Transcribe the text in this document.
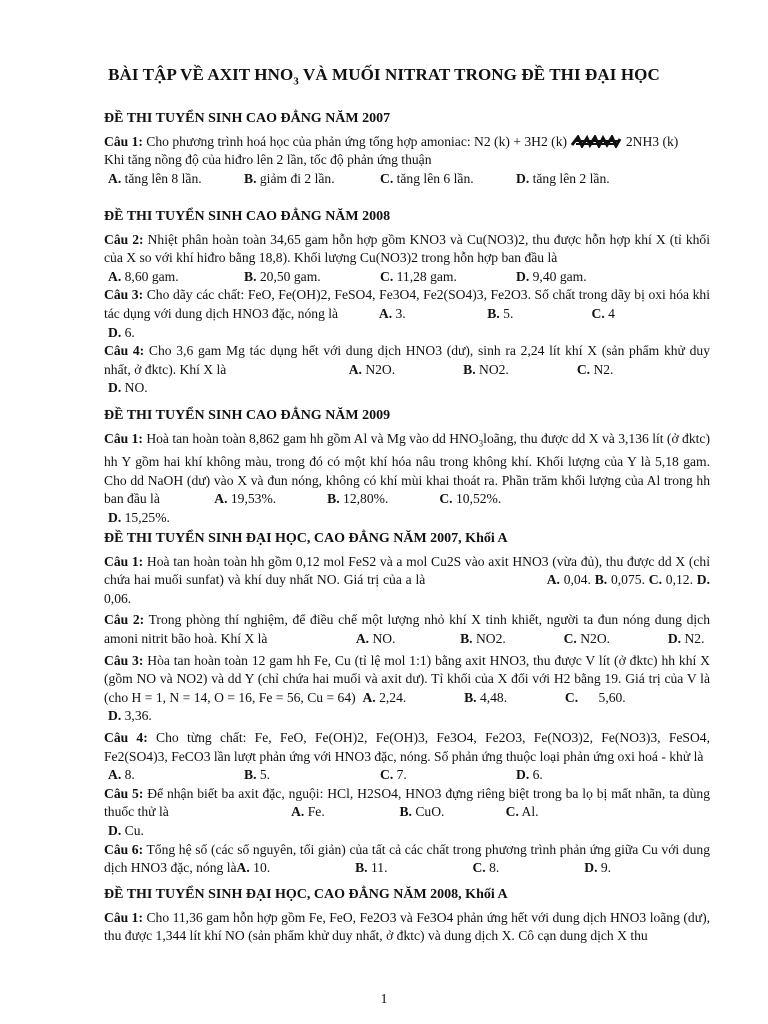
BÀI TẬP VỀ AXIT $HNO_3$ VÀ MUỐI NITRAT TRONG ĐỀ THI ĐẠI HỌC
ĐỀ THI TUYỂN SINH CAO ĐẲNG NĂM 2007
Câu 1: Cho phương trình hoá học của phản ứng tổng hợp amoniac: N2 (k) + 3H2 (k)	2NH3 (k)
Khi tăng nồng độ của hiđro lên 2 lần, tốc độ phản ứng thuận
A. tăng lên 8 lần.	B. giảm đi 2 lần.	C. tăng lên 6 lần.	D. tăng lên 2 lần.
ĐỀ THI TUYỂN SINH CAO ĐẲNG NĂM 2008
Câu 2: Nhiệt phân hoàn toàn 34,65 gam hỗn hợp gồm KNO3 và Cu(NO3)2, thu được hỗn hợp khí X (tỉ khối của X so với khí hiđro bằng 18,8). Khối lượng Cu(NO3)2 trong hỗn hợp ban đầu là
A. 8,60 gam.	B. 20,50 gam.	C. 11,28 gam.	D. 9,40 gam.
Câu 3: Cho dãy các chất: FeO, Fe(OH)2, FeSO4, Fe3O4, Fe2(SO4)3, Fe2O3. Số chất trong dãy bị oxi hóa khi tác dụng với dung dịch HNO3 đặc, nóng là	A. 3.	B. 5.	C. 4
D. 6.
Câu 4: Cho 3,6 gam Mg tác dụng hết với dung dịch HNO3 (dư), sinh ra 2,24 lít khí X (sản phẩm khử duy nhất, ở đktc). Khí X là	A. N2O.	B. NO2.	C. N2.
D. NO.
ĐỀ THI TUYỂN SINH CAO ĐẲNG NĂM 2009
Câu 1: Hoà tan hoàn toàn 8,862 gam hh gồm Al và Mg vào dd $HNO_3loãng$, thu được dd X và 3,136 lít (ở đktc) hh Y gồm hai khí không màu, trong đó có một khí hóa nâu trong không khí. Khối lượng của Y là 5,18 gam. Cho dd NaOH (dư) vào X và đun nóng, không có khí mùi khai thoát ra. Phần trăm khối lượng của Al trong hh ban đầu là	A. 19,53%.	B. 12,80%.	C. 10,52%.
D. 15,25%.
ĐỀ THI TUYỂN SINH ĐẠI HỌC, CAO ĐẲNG NĂM 2007, Khối A
Câu 1: Hoà tan hoàn toàn hh gồm 0,12 mol FeS2 và a mol Cu2S vào axit HNO3 (vừa đủ), thu được dd X (chỉ chứa hai muối sunfat) và khí duy nhất NO. Giá trị của a là	A. 0,04. B. 0,075. C. 0,12. D. 0,06.
Câu 2: Trong phòng thí nghiệm, để điều chế một lượng nhỏ khí X tinh khiết, người ta đun nóng dung dịch amoni nitrit bão hoà. Khí X là	A. NO.	B. NO2.	C. N2O.	D. N2.
Câu 3: Hòa tan hoàn toàn 12 gam hh Fe, Cu (tỉ lệ mol 1:1) bằng axit HNO3, thu được V lít (ở đktc) hh khí X (gồm NO và NO2) và dd Y (chỉ chứa hai muối và axit dư). Tỉ khối của X đối với H2 bằng 19. Giá trị của V là (cho H = 1, N = 14, O = 16, Fe = 56, Cu = 64) A. 2,24.	B. 4,48.	C. 5,60.
D. 3,36.
Câu 4: Cho từng chất: Fe, FeO, Fe(OH)2, Fe(OH)3, Fe3O4, Fe2O3, Fe(NO3)2, Fe(NO3)3, FeSO4, Fe2(SO4)3, FeCO3 lần lượt phản ứng với HNO3 đặc, nóng. Số phản ứng thuộc loại phản ứng oxi hoá - khử là
A. 8.	B. 5.	C. 7.	D. 6.
Câu 5: Để nhận biết ba axit đặc, nguội: HCl, H2SO4, HNO3 đựng riêng biệt trong ba lọ bị mất nhãn, ta dùng thuốc thử là	A. Fe.	B. CuO.	C. Al.
D. Cu.
Câu 6: Tổng hệ số (các số nguyên, tối giản) của tất cả các chất trong phương trình phản ứng giữa Cu với dung dịch HNO3 đặc, nóng làA. 10.	B. 11.	C. 8.	D. 9.
ĐỀ THI TUYỂN SINH ĐẠI HỌC, CAO ĐẲNG NĂM 2008, Khối A
Câu 1: Cho 11,36 gam hỗn hợp gồm Fe, FeO, Fe2O3 và Fe3O4 phản ứng hết với dung dịch HNO3 loãng (dư), thu được 1,344 lít khí NO (sản phẩm khử duy nhất, ở đktc) và dung dịch X. Cô cạn dung dịch X thu
1
